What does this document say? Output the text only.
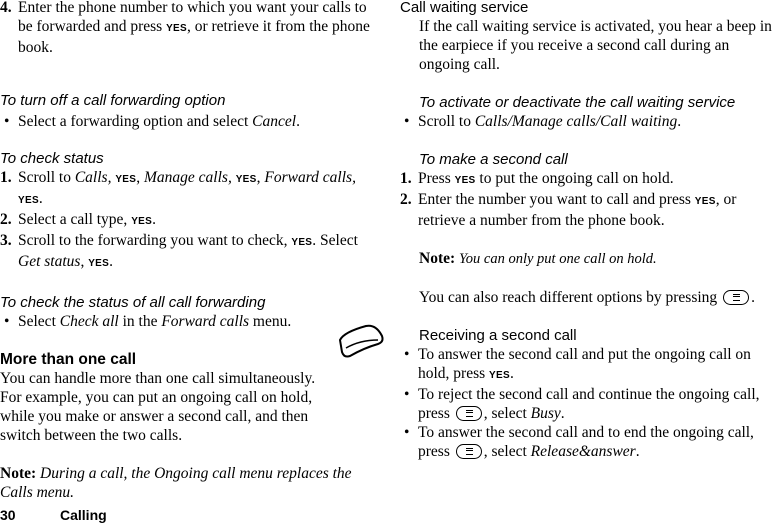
4. Enter the phone number to which you want your calls to be forwarded and press YES, or retrieve it from the phone book.

To turn off a call forwarding option

• Select a forwarding option and select Cancel.

To check status

1. Scroll to Calls, YES, Manage calls, YES, Forward calls, YES.
2. Select a call type, YES.
3. Scroll to the forwarding you want to check, YES. Select Get status, YES.

To check the status of all call forwarding

• Select Check all in the Forward calls menu.

More than one call

You can handle more than one call simultaneously. For example, you can put an ongoing call on hold, while you make or answer a second call, and then switch between the two calls.

Note: During a call, the Ongoing call menu replaces the Calls menu.

Call waiting service

If the call waiting service is activated, you hear a beep in the earpiece if you receive a second call during an ongoing call.

To activate or deactivate the call waiting service

• Scroll to Calls/Manage calls/Call waiting.

To make a second call

1. Press YES to put the ongoing call on hold.
2. Enter the number you want to call and press YES, or retrieve a number from the phone book.

Note: You can only put one call on hold.

You can also reach different options by pressing .

Receiving a second call

• To answer the second call and put the ongoing call on hold, press YES.
• To reject the second call and continue the ongoing call, press , select Busy.
• To answer the second call and to end the ongoing call, press , select Release&answer.
30	Calling
